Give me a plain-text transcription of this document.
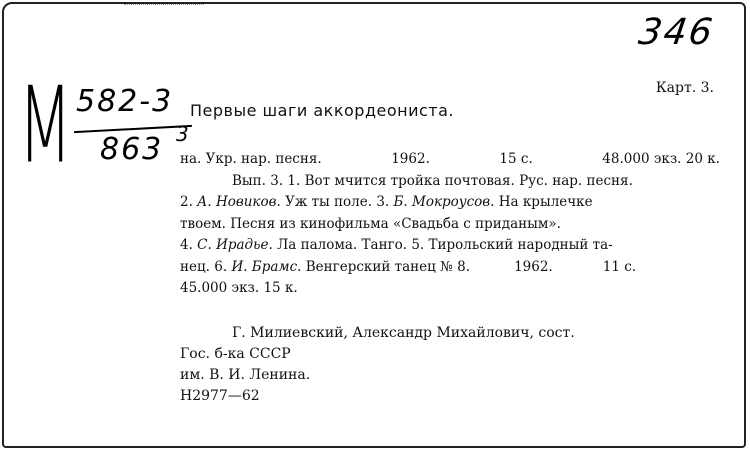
346
М 582-3
863 3
Карт. 3.
Первые шаги аккордеониста.
на. Укр. нар. песня.	1962.	15 с.	48.000 экз. 20 к.
Вып. 3. 1. Вот мчится тройка почтовая. Рус. нар. песня.
2. А. Новиков. Уж ты поле. 3. Б. Мокроусов. На крылечке
твоем. Песня из кинофильма «Свадьба с приданым».
4. С. Ирадье. Ла палома. Танго. 5. Тирольский народный та-
нец. 6. И. Брамс. Венгерский танец № 8.	1962.	11 с.
45.000 экз. 15 к.
Г. Милиевский, Александр Михайлович, сост.
Гос. б-ка СССР
им. В. И. Ленина.
Н2977—62
